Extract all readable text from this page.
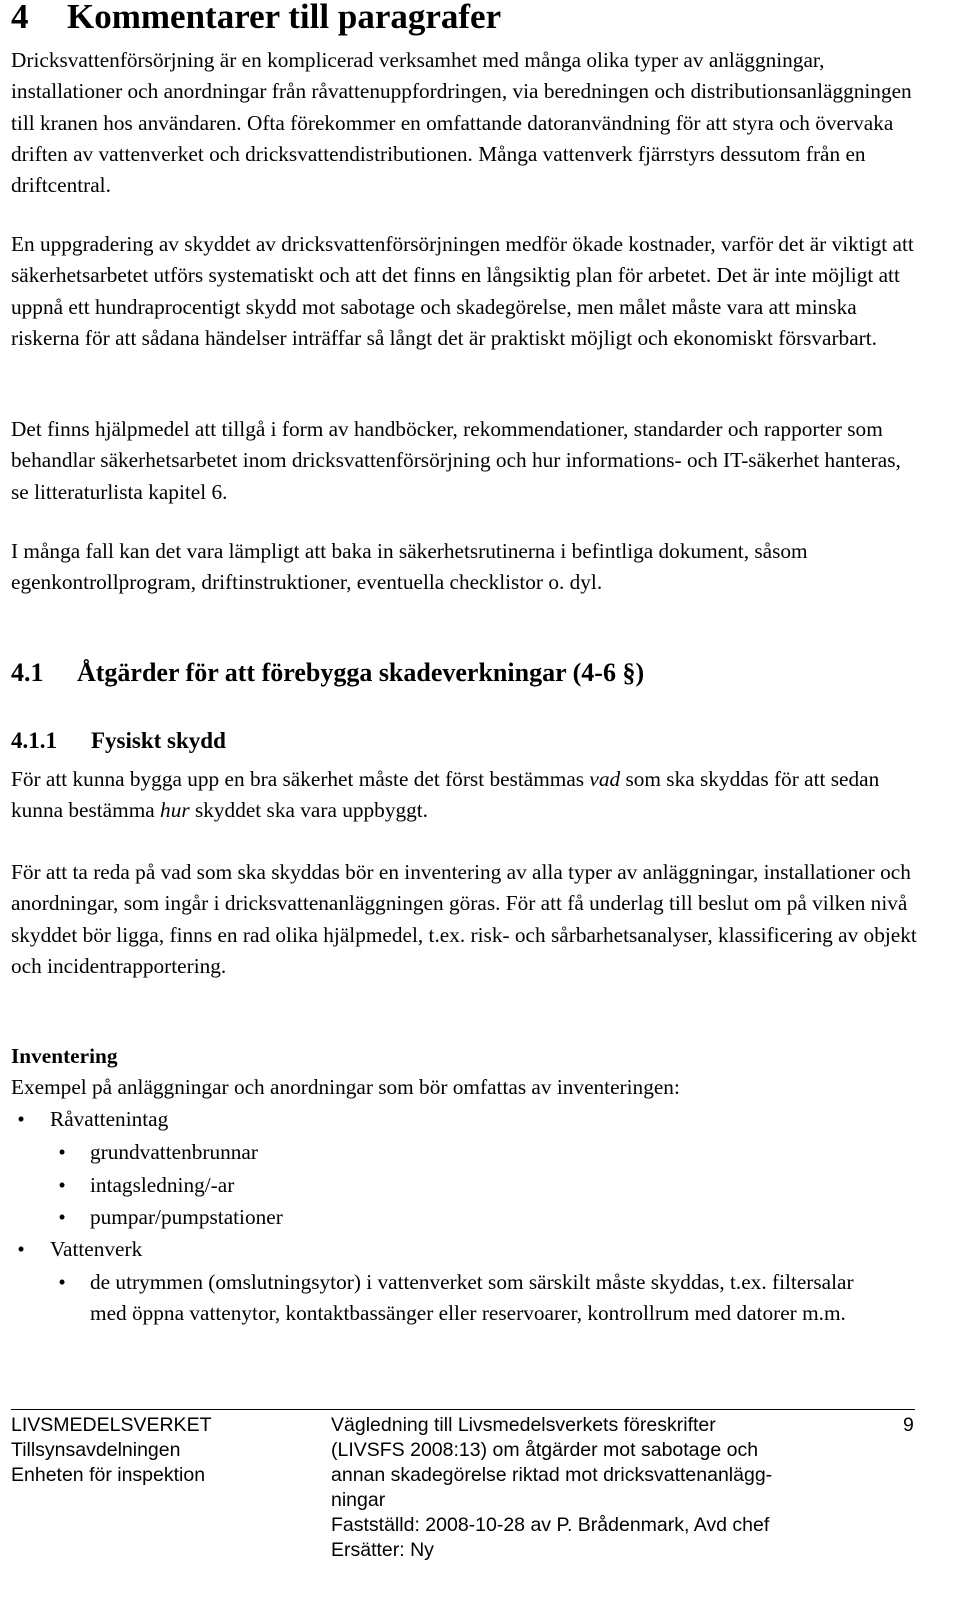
4 Kommentarer till paragrafer

Dricksvattenförsörjning är en komplicerad verksamhet med många olika typer av anläggningar, installationer och anordningar från råvattenuppfordringen, via beredningen och distributionsanläggningen till kranen hos användaren. Ofta förekommer en omfattande datoranvändning för att styra och övervaka driften av vattenverket och dricksvattendistributionen. Många vattenverk fjärrstyrs dessutom från en driftcentral.

En uppgradering av skyddet av dricksvattenförsörjningen medför ökade kostnader, varför det är viktigt att säkerhetsarbetet utförs systematiskt och att det finns en långsiktig plan för arbetet. Det är inte möjligt att uppnå ett hundraprocentigt skydd mot sabotage och skadegörelse, men målet måste vara att minska riskerna för att sådana händelser inträffar så långt det är praktiskt möjligt och ekonomiskt försvarbart.

Det finns hjälpmedel att tillgå i form av handböcker, rekommendationer, standarder och rapporter som behandlar säkerhetsarbetet inom dricksvattenförsörjning och hur informations- och IT-säkerhet hanteras, se litteraturlista kapitel 6.

I många fall kan det vara lämpligt att baka in säkerhetsrutinerna i befintliga dokument, såsom egenkontrollprogram, driftinstruktioner, eventuella checklistor o. dyl.

4.1 Åtgärder för att förebygga skadeverkningar (4-6 §)
4.1.1 Fysiskt skydd

För att kunna bygga upp en bra säkerhet måste det först bestämmas vad som ska skyddas för att sedan kunna bestämma hur skyddet ska vara uppbyggt.

För att ta reda på vad som ska skyddas bör en inventering av alla typer av anläggningar, installationer och anordningar, som ingår i dricksvattenanläggningen göras. För att få underlag till beslut om på vilken nivå skyddet bör ligga, finns en rad olika hjälpmedel, t.ex. risk- och sårbarhetsanalyser, klassificering av objekt och incidentrapportering.

Inventering

Exempel på anläggningar och anordningar som bör omfattas av inventeringen:

• Råvattenintag
• grundvattenbrunnar
• intagsledning/-ar
• pumpar/pumpstationer
• Vattenverk
• de utrymmen (omslutningsytor) i vattenverket som särskilt måste skyddas, t.ex. filtersalar med öppna vattenytor, kontaktbassänger eller reservoarer, kontrollrum med datorer m.m.
LIVSMEDELSVERKET
Tillsynsavdelningen
Enheten för inspektion
Vägledning till Livsmedelsverkets föreskrifter
(LIVSFS 2008:13) om åtgärder mot sabotage och
annan skadegörelse riktad mot dricksvattenanlägg-
ningar
Fastställd: 2008-10-28 av P. Brådenmark, Avd chef
Ersätter: Ny
9
